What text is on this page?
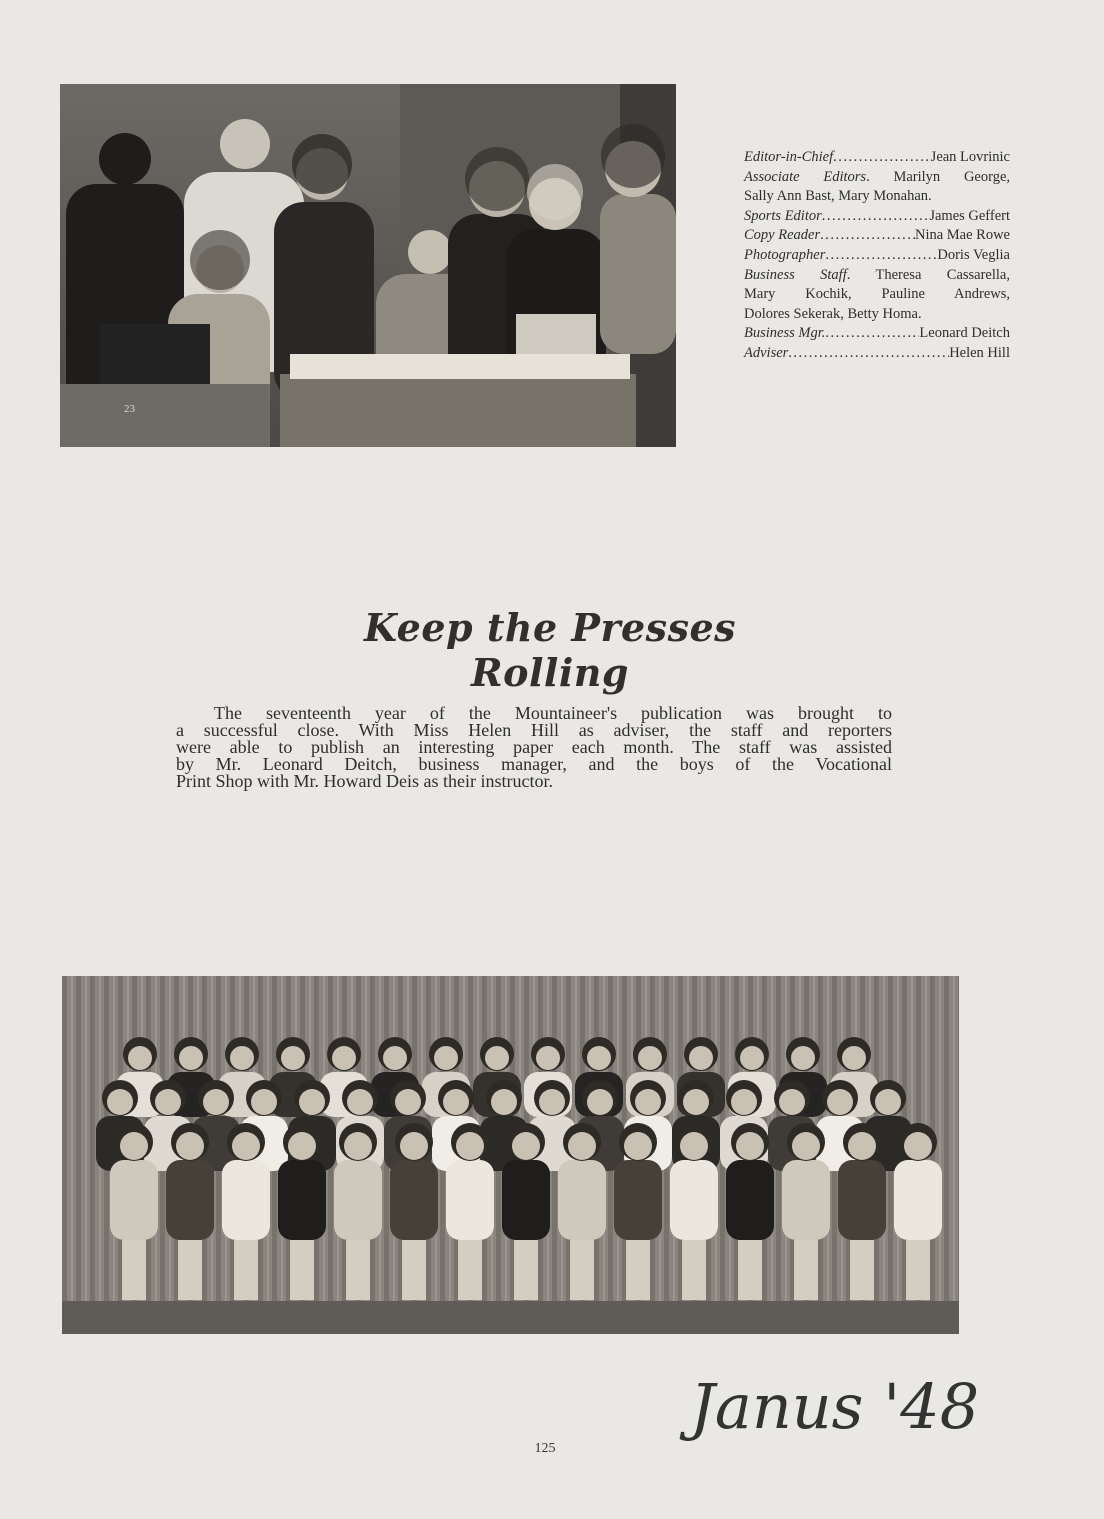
23
Editor-in-Chief .....	Jean Lovrinic
Associate Editors. Marilyn George,
Sally Ann Bast, Mary Monahan.
Sports Editor .....	James Geffert
Copy Reader .....	Nina Mae Rowe
Photographer .....	Doris Veglia
Business Staff. Theresa Cassarella,
Mary Kochik, Pauline Andrews,
Dolores Sekerak, Betty Homa.
Business Mgr. .....	Leonard Deitch
Adviser .....	Helen Hill
Keep the Presses Rolling
The seventeenth year of the Mountaineer's publication was brought to
a successful close. With Miss Helen Hill as adviser, the staff and reporters
were able to publish an interesting paper each month. The staff was assisted
by Mr. Leonard Deitch, business manager, and the boys of the Vocational
Print Shop with Mr. Howard Deis as their instructor.
Janus '48
125
